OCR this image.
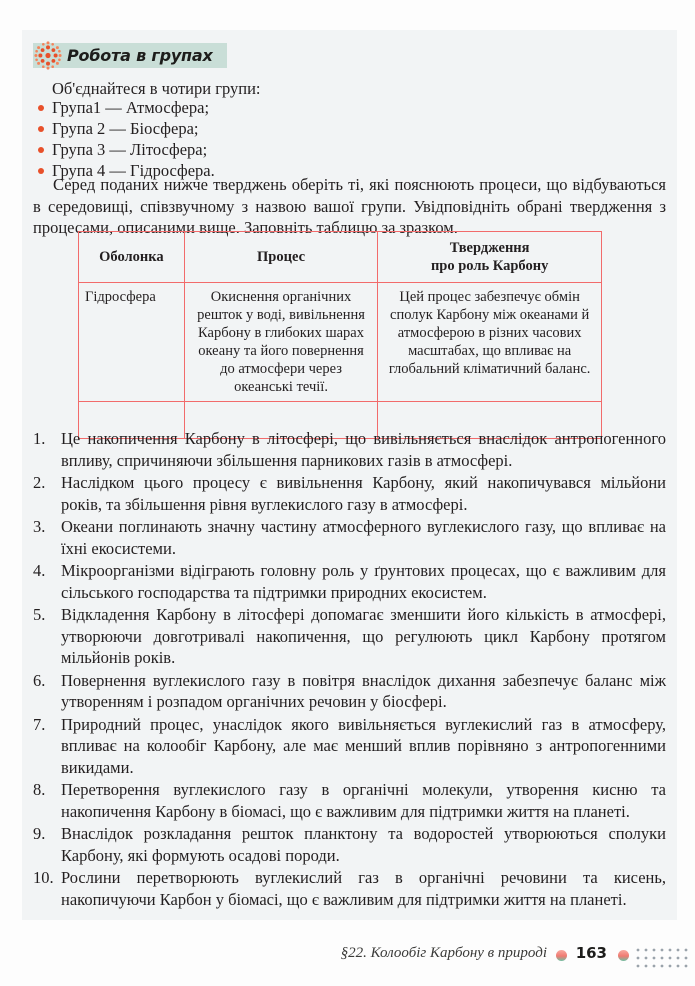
Робота в групах
Об'єднайтеся в чотири групи:
Група1 — Атмосфера;
Група 2 — Біосфера;
Група 3 — Літосфера;
Група 4 — Гідросфера.
Серед поданих нижче тверджень оберіть ті, які пояснюють процеси, що відбуваються в середовищі, співзвучному з назвою вашої групи. Увідповідніть обрані твердження з процесами, описаними вище. Заповніть таблицю за зразком.
Оболонка	Процес	Твердження
про роль Карбону
Гідросфера	Окиснення органічних решток у воді, вивільнення Карбону в глибоких шарах океану та його повернення до атмосфери через океанські течії.	Цей процес забезпечує обмін сполук Карбону між океанами й атмосферою в різних часових масштабах, що впливає на глобальний кліматичний баланс.

1. Це накопичення Карбону в літосфері, що вивільняється внаслідок антропогенного впливу, спричиняючи збільшення парникових газів в атмосфері.
2. Наслідком цього процесу є вивільнення Карбону, який накопичувався мільйони років, та збільшення рівня вуглекислого газу в атмосфері.
3. Океани поглинають значну частину атмосферного вуглекислого газу, що впливає на їхні екосистеми.
4. Мікроорганізми відіграють головну роль у ґрунтових процесах, що є важливим для сільського господарства та підтримки природних екосистем.
5. Відкладення Карбону в літосфері допомагає зменшити його кількість в атмосфері, утворюючи довготривалі накопичення, що регулюють цикл Карбону протягом мільйонів років.
6. Повернення вуглекислого газу в повітря внаслідок дихання забезпечує баланс між утворенням і розпадом органічних речовин у біосфері.
7. Природний процес, унаслідок якого вивільняється вуглекислий газ в атмосферу, впливає на колообіг Карбону, але має менший вплив порівняно з антропогенними викидами.
8. Перетворення вуглекислого газу в органічні молекули, утворення кисню та накопичення Карбону в біомасі, що є важливим для підтримки життя на планеті.
9. Внаслідок розкладання решток планктону та водоростей утворюються сполуки Карбону, які формують осадові породи.
10. Рослини перетворюють вуглекислий газ в органічні речовини та кисень, накопичуючи Карбон у біомасі, що є важливим для підтримки життя на планеті.
§22. Колообіг Карбону в природі 163
